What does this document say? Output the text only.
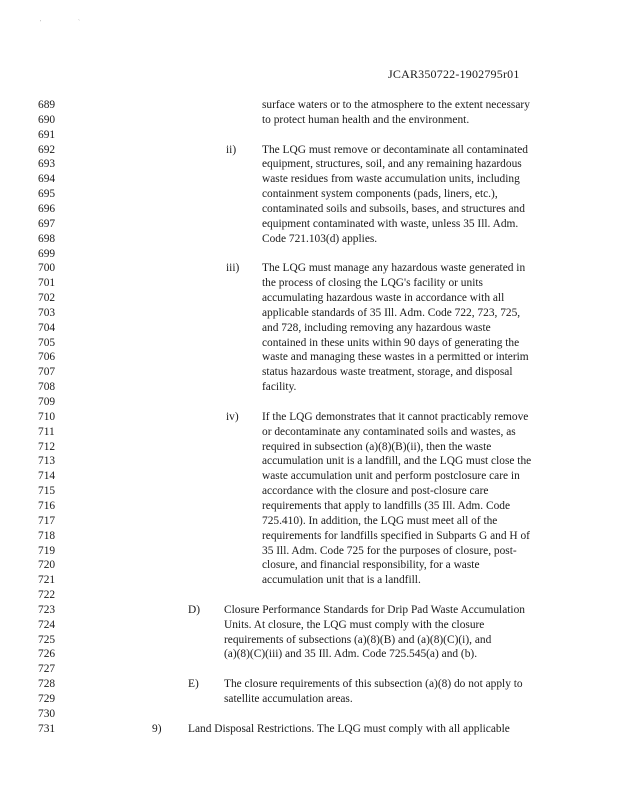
'	`
JCAR350722-1902795r01
689	surface waters or to the atmosphere to the extent necessary
690	to protect human health and the environment.
691
692	ii) The LQG must remove or decontaminate all contaminated
693	equipment, structures, soil, and any remaining hazardous
694	waste residues from waste accumulation units, including
695	containment system components (pads, liners, etc.),
696	contaminated soils and subsoils, bases, and structures and
697	equipment contaminated with waste, unless 35 Ill. Adm.
698	Code 721.103(d) applies.
699
700	iii) The LQG must manage any hazardous waste generated in
701	the process of closing the LQG's facility or units
702	accumulating hazardous waste in accordance with all
703	applicable standards of 35 Ill. Adm. Code 722, 723, 725,
704	and 728, including removing any hazardous waste
705	contained in these units within 90 days of generating the
706	waste and managing these wastes in a permitted or interim
707	status hazardous waste treatment, storage, and disposal
708	facility.
709
710	iv) If the LQG demonstrates that it cannot practicably remove
711	or decontaminate any contaminated soils and wastes, as
712	required in subsection (a)(8)(B)(ii), then the waste
713	accumulation unit is a landfill, and the LQG must close the
714	waste accumulation unit and perform postclosure care in
715	accordance with the closure and post-closure care
716	requirements that apply to landfills (35 Ill. Adm. Code
717	725.410). In addition, the LQG must meet all of the
718	requirements for landfills specified in Subparts G and H of
719	35 Ill. Adm. Code 725 for the purposes of closure, post-
720	closure, and financial responsibility, for a waste
721	accumulation unit that is a landfill.
722
723	D) Closure Performance Standards for Drip Pad Waste Accumulation
724	Units. At closure, the LQG must comply with the closure
725	requirements of subsections (a)(8)(B) and (a)(8)(C)(i), and
726	(a)(8)(C)(iii) and 35 Ill. Adm. Code 725.545(a) and (b).
727
728	E) The closure requirements of this subsection (a)(8) do not apply to
729	satellite accumulation areas.
730
731	9) Land Disposal Restrictions. The LQG must comply with all applicable
